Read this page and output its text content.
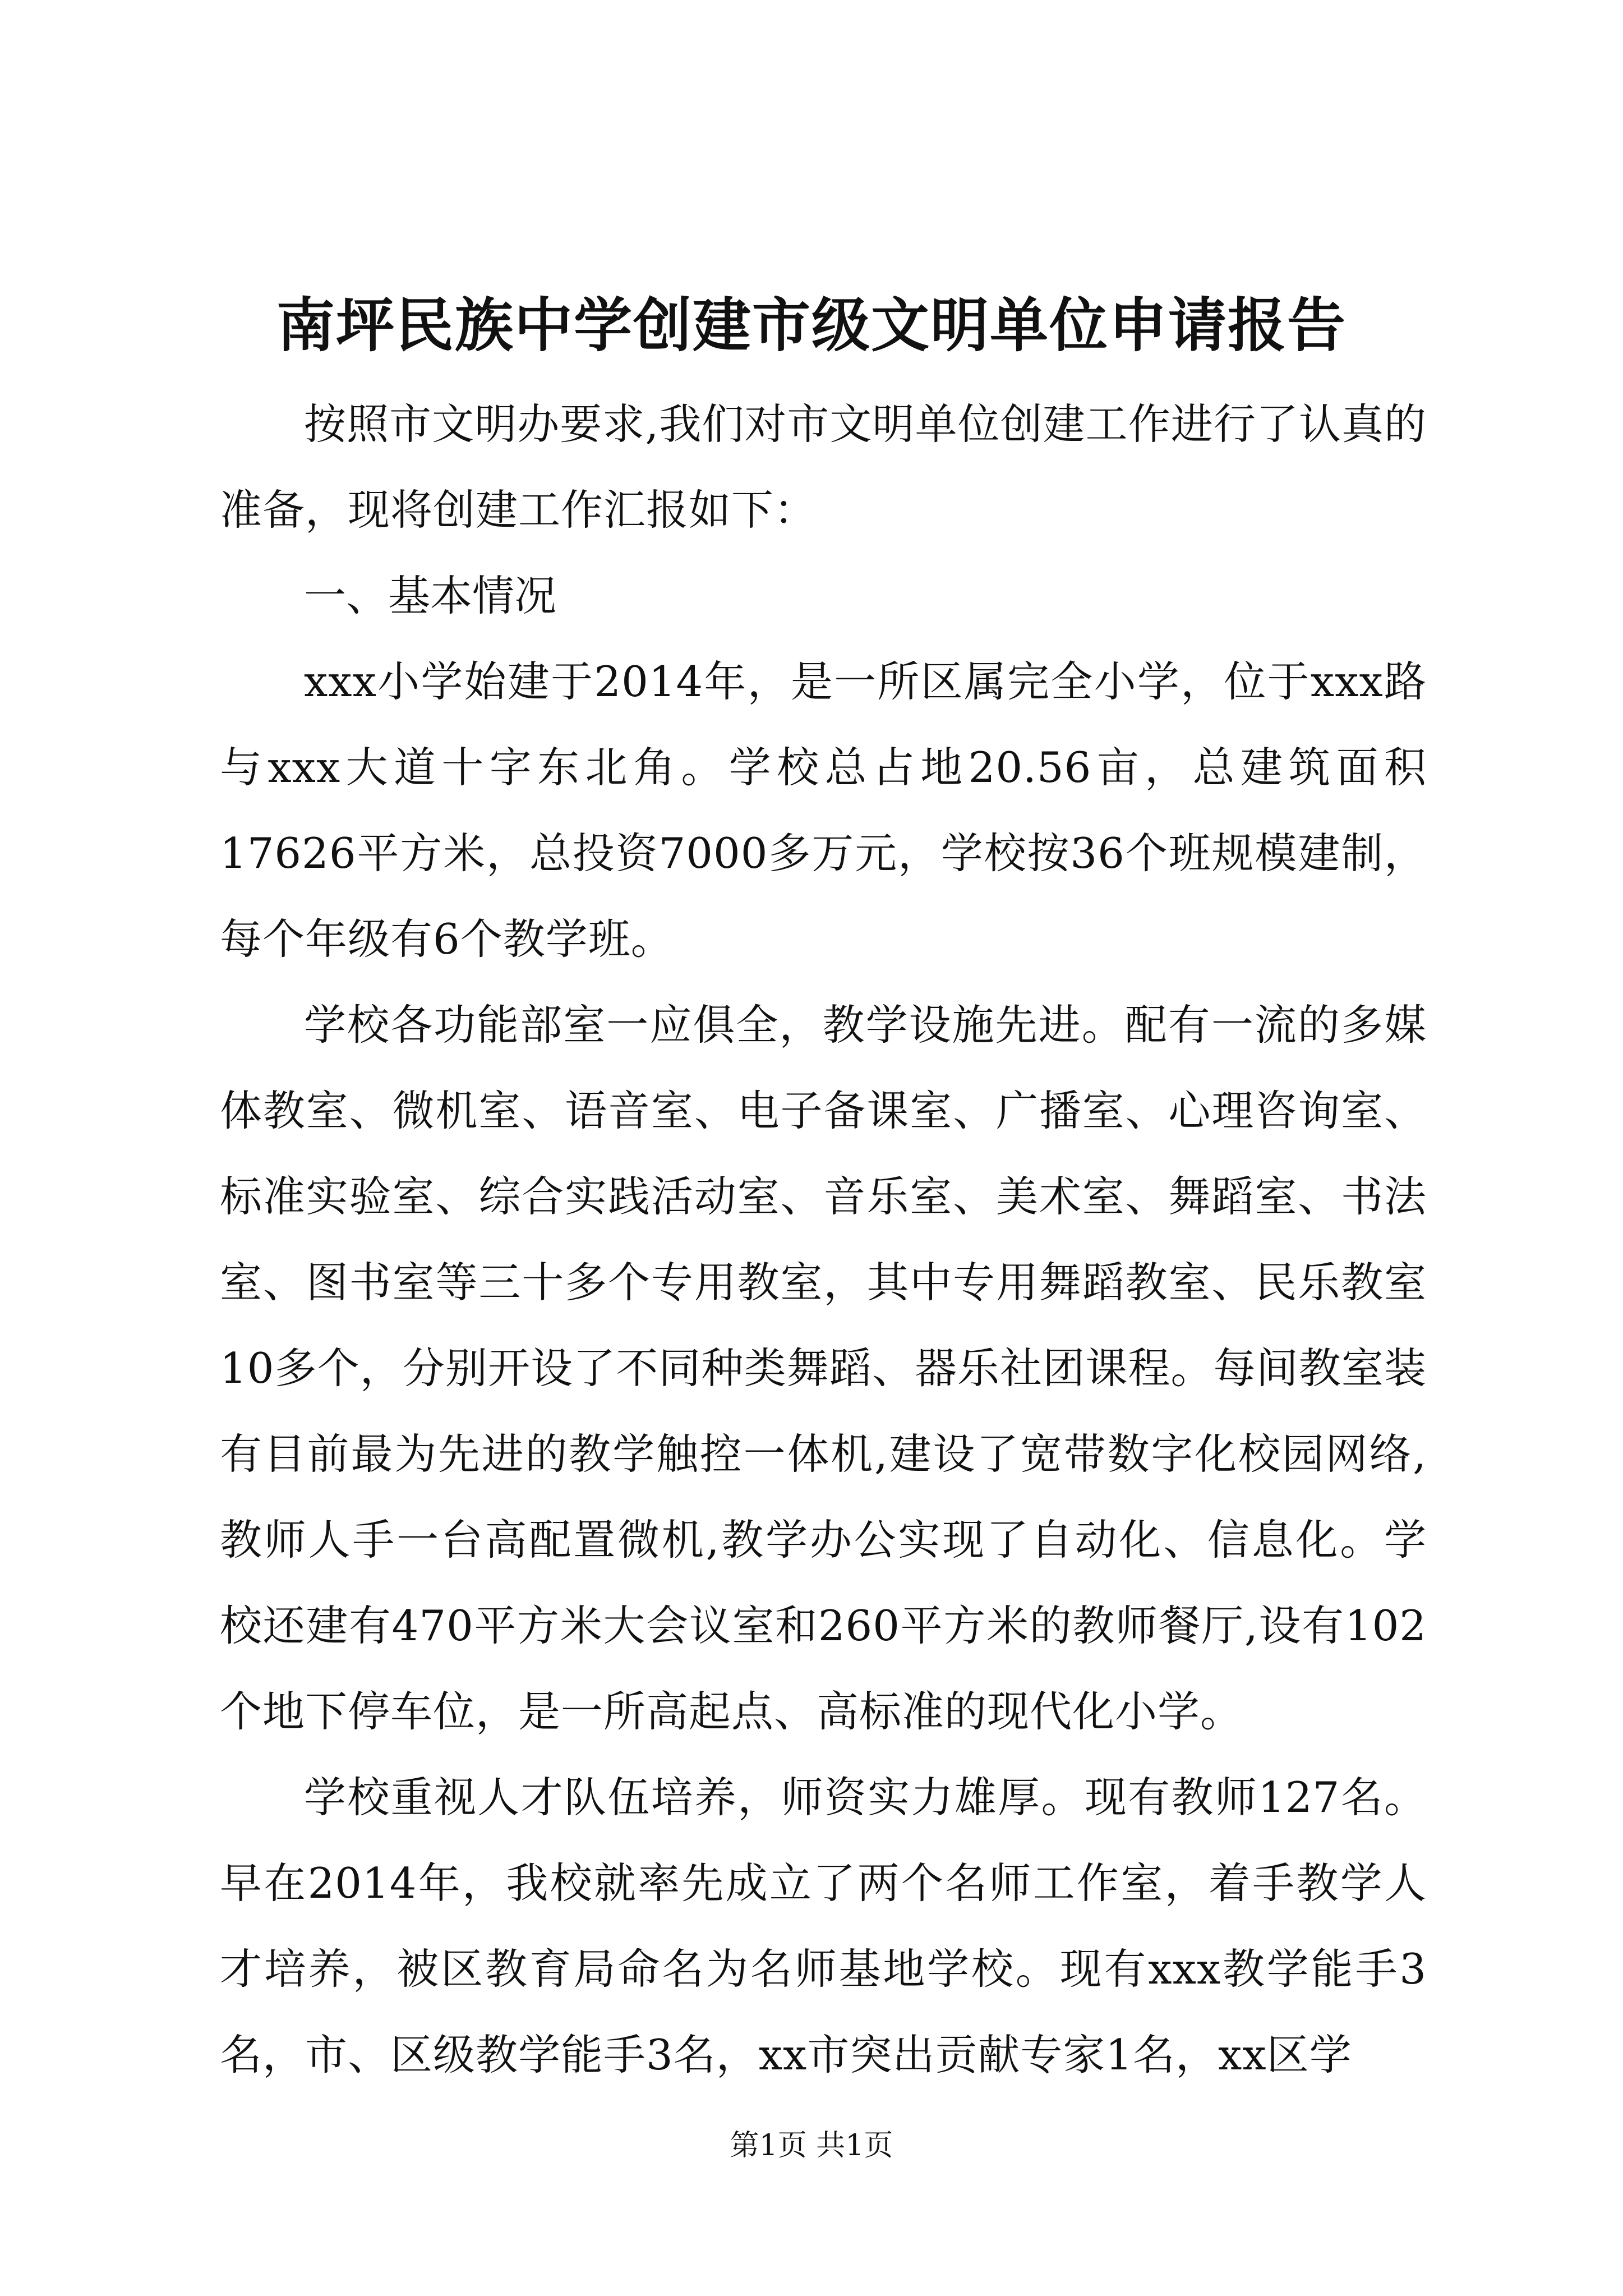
南坪民族中学创建市级文明单位申请报告

按照市文明办要求,我们对市文明单位创建工作进行了认真的准备，现将创建工作汇报如下：

一、基本情况

xxx小学始建于2014年，是一所区属完全小学，位于xxx路与xxx大道十字东北角。学校总占地20.56亩，总建筑面积17626平方米，总投资7000多万元，学校按36个班规模建制，每个年级有6个教学班。

学校各功能部室一应俱全，教学设施先进。配有一流的多媒体教室、微机室、语音室、电子备课室、广播室、心理咨询室、标准实验室、综合实践活动室、音乐室、美术室、舞蹈室、书法室、图书室等三十多个专用教室，其中专用舞蹈教室、民乐教室10多个，分别开设了不同种类舞蹈、器乐社团课程。每间教室装有目前最为先进的教学触控一体机,建设了宽带数字化校园网络,教师人手一台高配置微机,教学办公实现了自动化、信息化。学校还建有470平方米大会议室和260平方米的教师餐厅,设有102个地下停车位，是一所高起点、高标准的现代化小学。

学校重视人才队伍培养，师资实力雄厚。现有教师127名。早在2014年，我校就率先成立了两个名师工作室，着手教学人才培养，被区教育局命名为名师基地学校。现有xxx教学能手3名，市、区级教学能手3名，xx市突出贡献专家1名，xx区学

第1页 共1页
